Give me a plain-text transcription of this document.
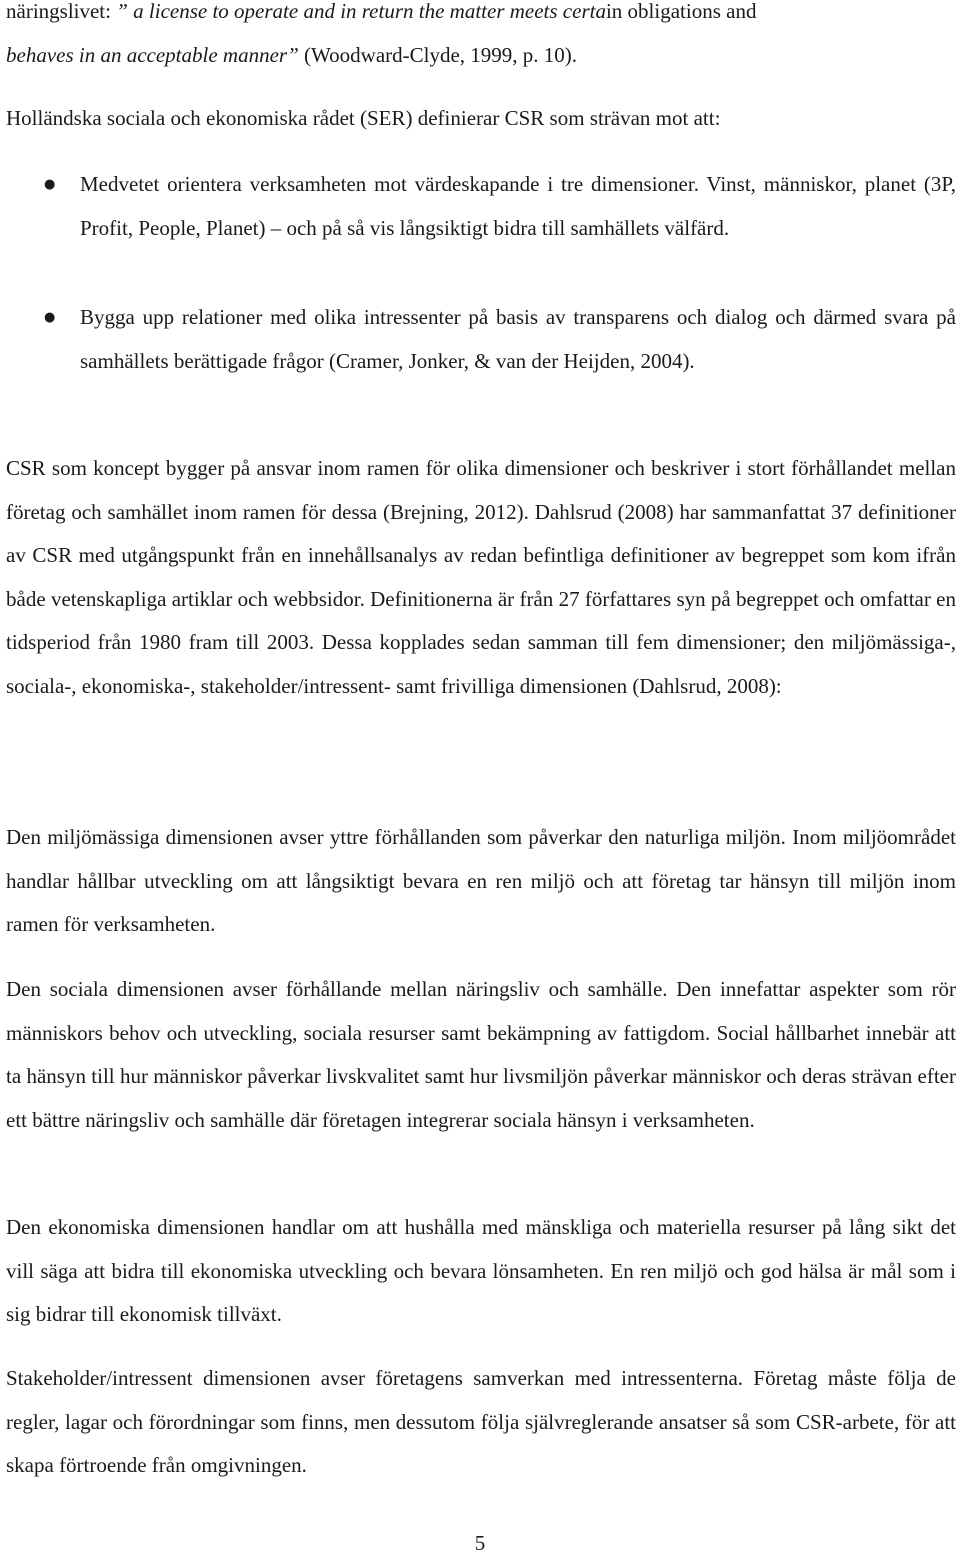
näringslivet: ” a license to operate and in return the matter meets certain obligations and
behaves in an acceptable manner” (Woodward-Clyde, 1999, p. 10).

Holländska sociala och ekonomiska rådet (SER) definierar CSR som strävan mot att:

● Medvetet orientera verksamheten mot värdeskapande i tre dimensioner. Vinst, människor, planet (3P, Profit, People, Planet) – och på så vis långsiktigt bidra till samhällets välfärd.

● Bygga upp relationer med olika intressenter på basis av transparens och dialog och därmed svara på samhällets berättigade frågor (Cramer, Jonker, & van der Heijden, 2004).

CSR som koncept bygger på ansvar inom ramen för olika dimensioner och beskriver i stort förhållandet mellan företag och samhället inom ramen för dessa (Brejning, 2012). Dahlsrud (2008) har sammanfattat 37 definitioner av CSR med utgångspunkt från en innehållsanalys av redan befintliga definitioner av begreppet som kom ifrån både vetenskapliga artiklar och webbsidor. Definitionerna är från 27 författares syn på begreppet och omfattar en tidsperiod från 1980 fram till 2003. Dessa kopplades sedan samman till fem dimensioner; den miljömässiga-, sociala-, ekonomiska-, stakeholder/intressent- samt frivilliga dimensionen (Dahlsrud, 2008):

Den miljömässiga dimensionen avser yttre förhållanden som påverkar den naturliga miljön. Inom miljöområdet handlar hållbar utveckling om att långsiktigt bevara en ren miljö och att företag tar hänsyn till miljön inom ramen för verksamheten.

Den sociala dimensionen avser förhållande mellan näringsliv och samhälle. Den innefattar aspekter som rör människors behov och utveckling, sociala resurser samt bekämpning av fattigdom. Social hållbarhet innebär att ta hänsyn till hur människor påverkar livskvalitet samt hur livsmiljön påverkar människor och deras strävan efter ett bättre näringsliv och samhälle där företagen integrerar sociala hänsyn i verksamheten.

Den ekonomiska dimensionen handlar om att hushålla med mänskliga och materiella resurser på lång sikt det vill säga att bidra till ekonomiska utveckling och bevara lönsamheten. En ren miljö och god hälsa är mål som i sig bidrar till ekonomisk tillväxt.

Stakeholder/intressent dimensionen avser företagens samverkan med intressenterna. Företag måste följa de regler, lagar och förordningar som finns, men dessutom följa självreglerande ansatser så som CSR-arbete, för att skapa förtroende från omgivningen.

5
